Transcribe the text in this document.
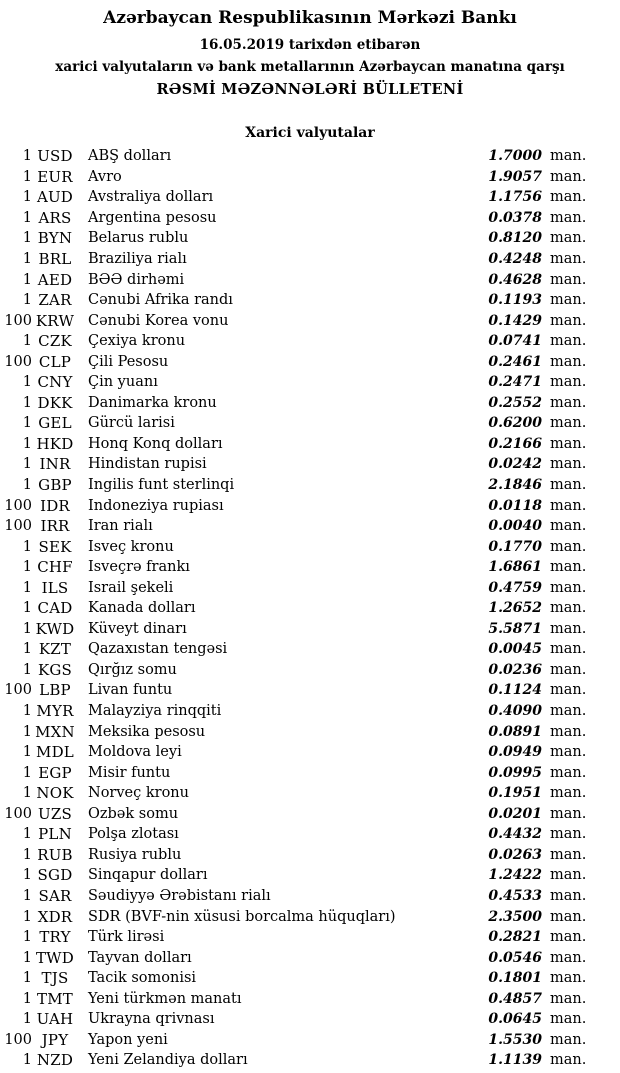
Azərbaycan Respublikasının Mərkəzi Bankı
16.05.2019 tarixdən etibarən
xarici valyutaların və bank metallarının Azərbaycan manatına qarşı
RƏSMİ MƏZƏNNƏLƏRİ BÜLLETENİ
Xarici valyutalar
1 USD	ABŞ dolları	1.7000 man.
1 EUR	Avro	1.9057 man.
1 AUD	Avstraliya dolları	1.1756 man.
1 ARS	Argentina pesosu	0.0378 man.
1 BYN	Belarus rublu	0.8120 man.
1 BRL	Braziliya rialı	0.4248 man.
1 AED	BƏƏ dirhəmi	0.4628 man.
1 ZAR	Cənubi Afrika randı	0.1193 man.
100 KRW Cənubi Korea vonu	0.1429 man.
1 CZK	Çexiya kronu	0.0741 man.
100 CLP	Çili Pesosu	0.2461 man.
1 CNY	Çin yuanı	0.2471 man.
1 DKK	Danimarka kronu	0.2552 man.
1 GEL	Gürcü larisi	0.6200 man.
1 HKD	Honq Konq dolları	0.2166 man.
1 INR	Hindistan rupisi	0.0242 man.
1 GBP	İngilis funt sterlinqi	2.1846 man.
100 IDR	İndoneziya rupiası	0.0118 man.
100 IRR	İran rialı	0.0040 man.
1 SEK	İsveç kronu	0.1770 man.
1 CHF	İsveçrə frankı	1.6861 man.
1 ILS	İsrail şekeli	0.4759 man.
1 CAD	Kanada dolları	1.2652 man.
1 KWD Küveyt dinarı	5.5871 man.
1 KZT	Qazaxıstan tengəsi	0.0045 man.
1 KGS	Qırğız somu	0.0236 man.
100 LBP	Livan funtu	0.1124 man.
1 MYR Malayziya rinqqiti	0.4090 man.
1 MXN Meksika pesosu	0.0891 man.
1 MDL Moldova leyi	0.0949 man.
1 EGP	Misir funtu	0.0995 man.
1 NOK Norveç kronu	0.1951 man.
100 UZS	Özbək somu	0.0201 man.
1 PLN	Polşa zlotası	0.4432 man.
1 RUB	Rusiya rublu	0.0263 man.
1 SGD	Sinqapur dolları	1.2422 man.
1 SAR	Səudiyyə Ərəbistanı rialı	0.4533 man.
1 XDR	SDR (BVF-nin xüsusi borcalma hüquqları)	2.3500 man.
1 TRY	Türk lirəsi	0.2821 man.
1 TWD Tayvan dolları	0.0546 man.
1 TJS	Tacik somonisi	0.1801 man.
1 TMT	Yeni türkmən manatı	0.4857 man.
1 UAH	Ukrayna qrivnası	0.0645 man.
100 JPY	Yapon yeni	1.5530 man.
1 NZD	Yeni Zelandiya dolları	1.1139 man.
